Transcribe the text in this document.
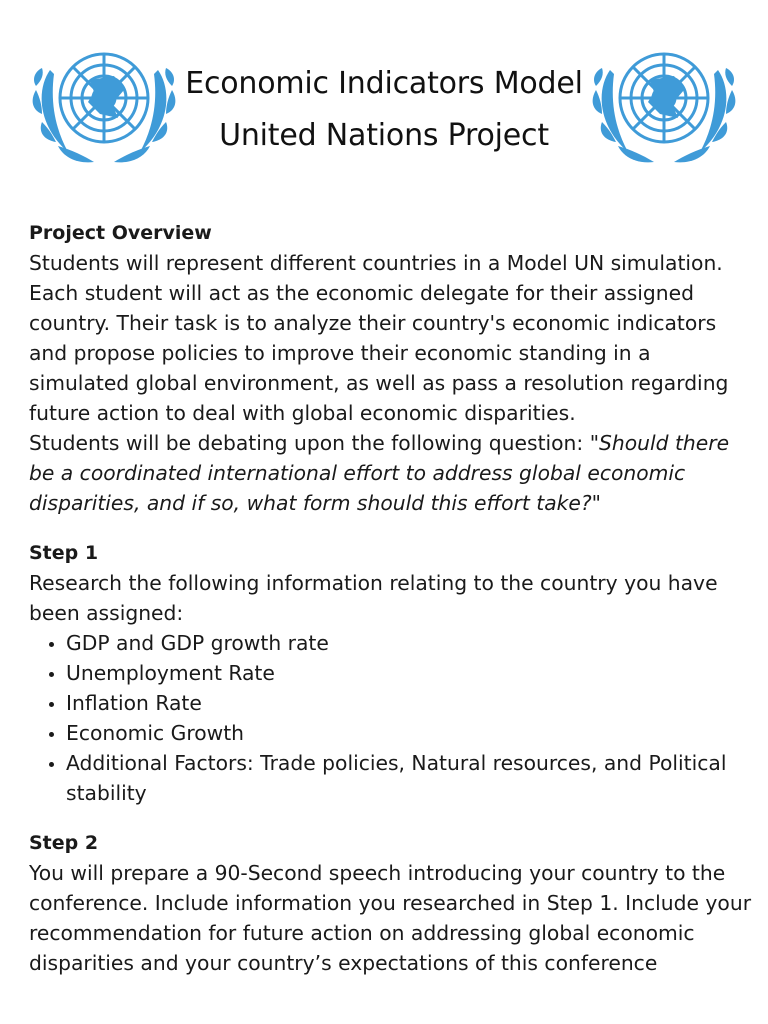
Economic Indicators Model
United Nations Project
Project Overview

Students will represent different countries in a Model UN simulation. Each student will act as the economic delegate for their assigned country. Their task is to analyze their country's economic indicators and propose policies to improve their economic standing in a simulated global environment, as well as pass a resolution regarding future action to deal with global economic disparities.

Students will be debating upon the following question: "Should there be a coordinated international effort to address global economic disparities, and if so, what form should this effort take?"

Step 1

Research the following information relating to the country you have been assigned:

• GDP and GDP growth rate
• Unemployment Rate
• Inflation Rate
• Economic Growth
• Additional Factors: Trade policies, Natural resources, and Political stability
Step 2

You will prepare a 90-Second speech introducing your country to the conference. Include information you researched in Step 1. Include your recommendation for future action on addressing global economic disparities and your country’s expectations of this conference
